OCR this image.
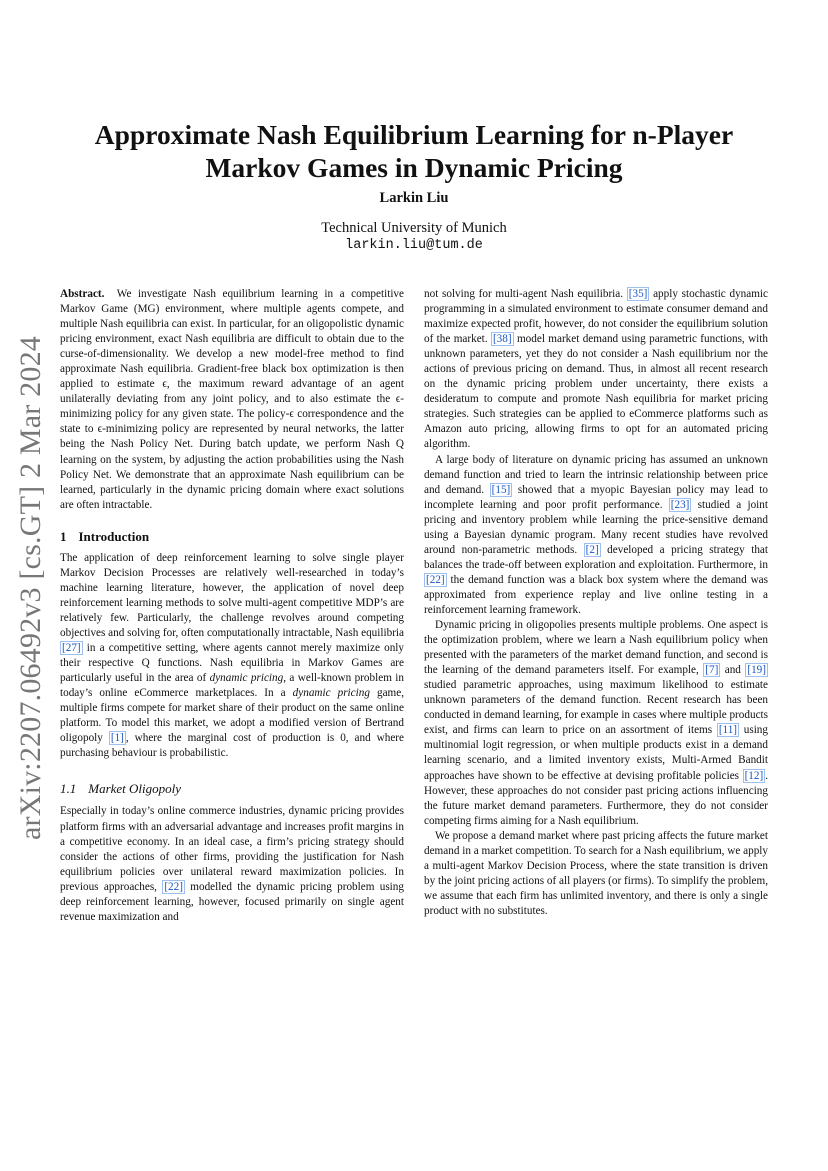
arXiv:2207.06492v3 [cs.GT] 2 Mar 2024
Approximate Nash Equilibrium Learning for n-Player Markov Games in Dynamic Pricing
Larkin Liu
Technical University of Munich
larkin.liu@tum.de

Abstract. We investigate Nash equilibrium learning in a competitive Markov Game (MG) environment, where multiple agents compete, and multiple Nash equilibria can exist. In particular, for an oligopolistic dynamic pricing environment, exact Nash equilibria are difficult to obtain due to the curse-of-dimensionality. We develop a new model-free method to find approximate Nash equilibria. Gradient-free black box optimization is then applied to estimate ϵ, the maximum reward advantage of an agent unilaterally deviating from any joint policy, and to also estimate the ϵ-minimizing policy for any given state. The policy-ϵ correspondence and the state to ϵ-minimizing policy are represented by neural networks, the latter being the Nash Policy Net. During batch update, we perform Nash Q learning on the system, by adjusting the action probabilities using the Nash Policy Net. We demonstrate that an approximate Nash equilibrium can be learned, particularly in the dynamic pricing domain where exact solutions are often intractable.

1 Introduction

The application of deep reinforcement learning to solve single player Markov Decision Processes are relatively well-researched in today’s machine learning literature, however, the application of novel deep reinforcement learning methods to solve multi-agent competitive MDP’s are relatively few. Particularly, the challenge revolves around competing objectives and solving for, often computationally intractable, Nash equilibria [27] in a competitive setting, where agents cannot merely maximize only their respective Q functions. Nash equilibria in Markov Games are particularly useful in the area of dynamic pricing, a well-known problem in today’s online eCommerce marketplaces. In a dynamic pricing game, multiple firms compete for market share of their product on the same online platform. To model this market, we adopt a modified version of Bertrand oligopoly [1] , where the marginal cost of production is 0, and where purchasing behaviour is probabilistic.

1.1 Market Oligopoly

Especially in today’s online commerce industries, dynamic pricing provides platform firms with an adversarial advantage and increases profit margins in a competitive economy. In an ideal case, a firm’s pricing strategy should consider the actions of other firms, providing the justification for Nash equilibrium policies over unilateral reward maximization policies. In previous approaches, [22] modelled the dynamic pricing problem using deep reinforcement learning, however, focused primarily on single agent revenue maximization and

not solving for multi-agent Nash equilibria. [35] apply stochastic dynamic programming in a simulated environment to estimate consumer demand and maximize expected profit, however, do not consider the equilibrium solution of the market. [38] model market demand using parametric functions, with unknown parameters, yet they do not consider a Nash equilibrium nor the actions of previous pricing on demand. Thus, in almost all recent research on the dynamic pricing problem under uncertainty, there exists a desideratum to compute and promote Nash equilibria for market pricing strategies. Such strategies can be applied to eCommerce platforms such as Amazon auto pricing, allowing firms to opt for an automated pricing algorithm.

A large body of literature on dynamic pricing has assumed an unknown demand function and tried to learn the intrinsic relationship between price and demand. [15] showed that a myopic Bayesian policy may lead to incomplete learning and poor profit performance. [23] studied a joint pricing and inventory problem while learning the price-sensitive demand using a Bayesian dynamic program. Many recent studies have revolved around non-parametric methods. [2] developed a pricing strategy that balances the trade-off between exploration and exploitation. Furthermore, in [22] the demand function was a black box system where the demand was approximated from experience replay and live online testing in a reinforcement learning framework.

Dynamic pricing in oligopolies presents multiple problems. One aspect is the optimization problem, where we learn a Nash equilibrium policy when presented with the parameters of the market demand function, and second is the learning of the demand parameters itself. For example, [7] and [19] studied parametric approaches, using maximum likelihood to estimate unknown parameters of the demand function. Recent research has been conducted in demand learning, for example in cases where multiple products exist, and firms can learn to price on an assortment of items [11] using multinomial logit regression, or when multiple products exist in a demand learning scenario, and a limited inventory exists, Multi-Armed Bandit approaches have shown to be effective at devising profitable policies [12] . However, these approaches do not consider past pricing actions influencing the future market demand parameters. Furthermore, they do not consider competing firms aiming for a Nash equilibrium.

We propose a demand market where past pricing affects the future market demand in a market competition. To search for a Nash equilibrium, we apply a multi-agent Markov Decision Process, where the state transition is driven by the joint pricing actions of all players (or firms). To simplify the problem, we assume that each firm has unlimited inventory, and there is only a single product with no substitutes.
